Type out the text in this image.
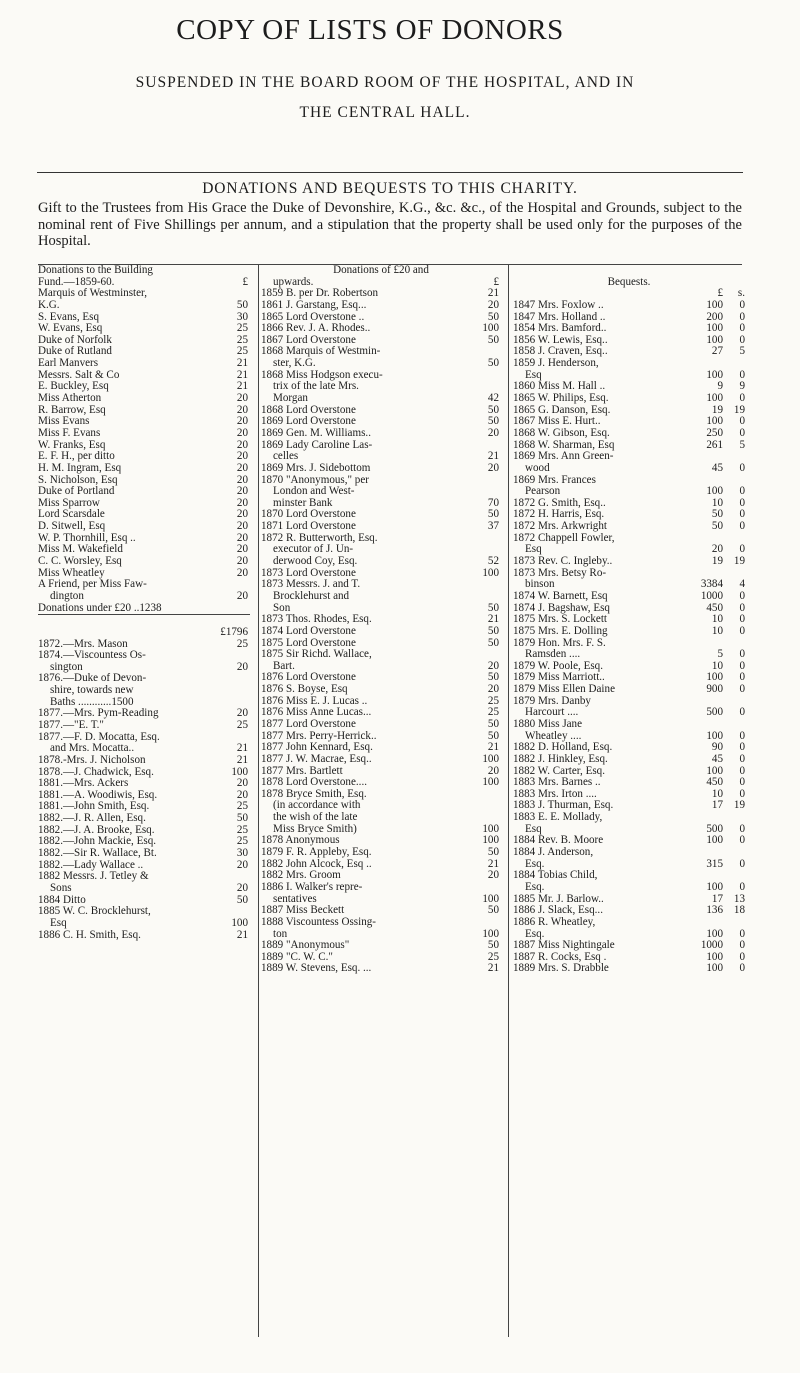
COPY OF LISTS OF DONORS
SUSPENDED IN THE BOARD ROOM OF THE HOSPITAL, AND IN
THE CENTRAL HALL.
DONATIONS AND BEQUESTS TO THIS CHARITY.
Gift to the Trustees from His Grace the Duke of Devonshire, K.G., &c. &c., of the Hospital and Grounds, subject to the nominal rent of Five Shillings per annum, and a stipulation that the property shall be used only for the purposes of the Hospital.
Donations to the Building
Fund.—1859-60.	£
Marquis of Westminster,
K.G.	50
S. Evans, Esq	30
W. Evans, Esq	25
Duke of Norfolk	25
Duke of Rutland	25
Earl Manvers	21
Messrs. Salt & Co	21
E. Buckley, Esq	21
Miss Atherton	20
R. Barrow, Esq	20
Miss Evans	20
Miss F. Evans	20
W. Franks, Esq	20
E. F. H., per ditto	20
H. M. Ingram, Esq	20
S. Nicholson, Esq	20
Duke of Portland	20
Miss Sparrow	20
Lord Scarsdale	20
D. Sitwell, Esq	20
W. P. Thornhill, Esq ..	20
Miss M. Wakefield	20
C. C. Worsley, Esq	20
Miss Wheatley	20
A Friend, per Miss Faw-
dington	20
Donations under £20 ..1238
£1796
1872.—Mrs. Mason	25
1874.—Viscountess Os-
sington	20
1876.—Duke of Devon-
shire, towards new
Baths ............1500
1877.—Mrs. Pym-Reading	20
1877.—"E. T."	25
1877.—F. D. Mocatta, Esq.
and Mrs. Mocatta..	21
1878.-Mrs. J. Nicholson	21
1878.—J. Chadwick, Esq.	100
1881.—Mrs. Ackers	20
1881.—A. Woodiwis, Esq.	20
1881.—John Smith, Esq.	25
1882.—J. R. Allen, Esq.	50
1882.—J. A. Brooke, Esq.	25
1882.—John Mackie, Esq.	25
1882.—Sir R. Wallace, Bt.	30
1882.—Lady Wallace ..	20
1882 Messrs. J. Tetley &
Sons	20
1884 Ditto	50
1885 W. C. Brocklehurst,
Esq	100
1886 C. H. Smith, Esq.	21
Donations of £20 and
upwards.	£
1859 B. per Dr. Robertson	21
1861 J. Garstang, Esq...	20
1865 Lord Overstone ..	50
1866 Rev. J. A. Rhodes..	100
1867 Lord Overstone	50
1868 Marquis of Westmin-
ster, K.G.	50
1868 Miss Hodgson execu-
trix of the late Mrs.
Morgan	42
1868 Lord Overstone	50
1869 Lord Overstone	50
1869 Gen. M. Williams..	20
1869 Lady Caroline Las-
celles	21
1869 Mrs. J. Sidebottom	20
1870 "Anonymous," per
London and West-
minster Bank	70
1870 Lord Overstone	50
1871 Lord Overstone	37
1872 R. Butterworth, Esq.
executor of J. Un-
derwood Coy, Esq.	52
1873 Lord Overstone	100
1873 Messrs. J. and T.
Brocklehurst and
Son	50
1873 Thos. Rhodes, Esq.	21
1874 Lord Overstone	50
1875 Lord Overstone	50
1875 Sir Richd. Wallace,
Bart.	20
1876 Lord Overstone	50
1876 S. Boyse, Esq	20
1876 Miss E. J. Lucas ..	25
1876 Miss Anne Lucas...	25
1877 Lord Overstone	50
1877 Mrs. Perry-Herrick..	50
1877 John Kennard, Esq.	21
1877 J. W. Macrae, Esq..	100
1877 Mrs. Bartlett	20
1878 Lord Overstone....	100
1878 Bryce Smith, Esq.
(in accordance with
the wish of the late
Miss Bryce Smith)	100
1878 Anonymous	100
1879 F. R. Appleby, Esq.	50
1882 John Alcock, Esq ..	21
1882 Mrs. Groom	20
1886 I. Walker's repre-
sentatives	100
1887 Miss Beckett	50
1888 Viscountess Ossing-
ton	100
1889 "Anonymous"	50
1889 "C. W. C."	25
1889 W. Stevens, Esq. ...	21
Bequests.
£	s.
1847 Mrs. Foxlow ..	100	0
1847 Mrs. Holland ..	200	0
1854 Mrs. Bamford..	100	0
1856 W. Lewis, Esq..	100	0
1858 J. Craven, Esq..	27	5
1859 J. Henderson,
Esq	100	0
1860 Miss M. Hall ..	9	9
1865 W. Philips, Esq.	100	0
1865 G. Danson, Esq.	19 19
1867 Miss E. Hurt..	100	0
1868 W. Gibson, Esq.	250	0
1868 W. Sharman, Esq	261	5
1869 Mrs. Ann Green-
wood	45	0
1869 Mrs. Frances
Pearson	100	0
1872 G. Smith, Esq..	10	0
1872 H. Harris, Esq.	50	0
1872 Mrs. Arkwright	50	0
1872 Chappell Fowler,
Esq	20	0
1873 Rev. C. Ingleby..	19 19
1873 Mrs. Betsy Ro-
binson	3384	4
1874 W. Barnett, Esq	1000	0
1874 J. Bagshaw, Esq	450	0
1875 Mrs. S. Lockett	10	0
1875 Mrs. E. Dolling	10	0
1879 Hon. Mrs. F. S.
Ramsden ....	5	0
1879 W. Poole, Esq.	10	0
1879 Miss Marriott..	100	0
1879 Miss Ellen Daine	900	0
1879 Mrs. Danby
Harcourt ....	500	0
1880 Miss Jane
Wheatley ....	100	0
1882 D. Holland, Esq.	90	0
1882 J. Hinkley, Esq.	45	0
1882 W. Carter, Esq.	100	0
1883 Mrs. Barnes ..	450	0
1883 Mrs. Irton ....	10	0
1883 J. Thurman, Esq.	17 19
1883 E. E. Mollady,
Esq	500	0
1884 Rev. B. Moore	100	0
1884 J. Anderson,
Esq.	315	0
1884 Tobias Child,
Esq.	100	0
1885 Mr. J. Barlow..	17 13
1886 J. Slack, Esq...	136 18
1886 R. Wheatley,
Esq.	100	0
1887 Miss Nightingale	1000	0
1887 R. Cocks, Esq .	100	0
1889 Mrs. S. Drabble	100	0
